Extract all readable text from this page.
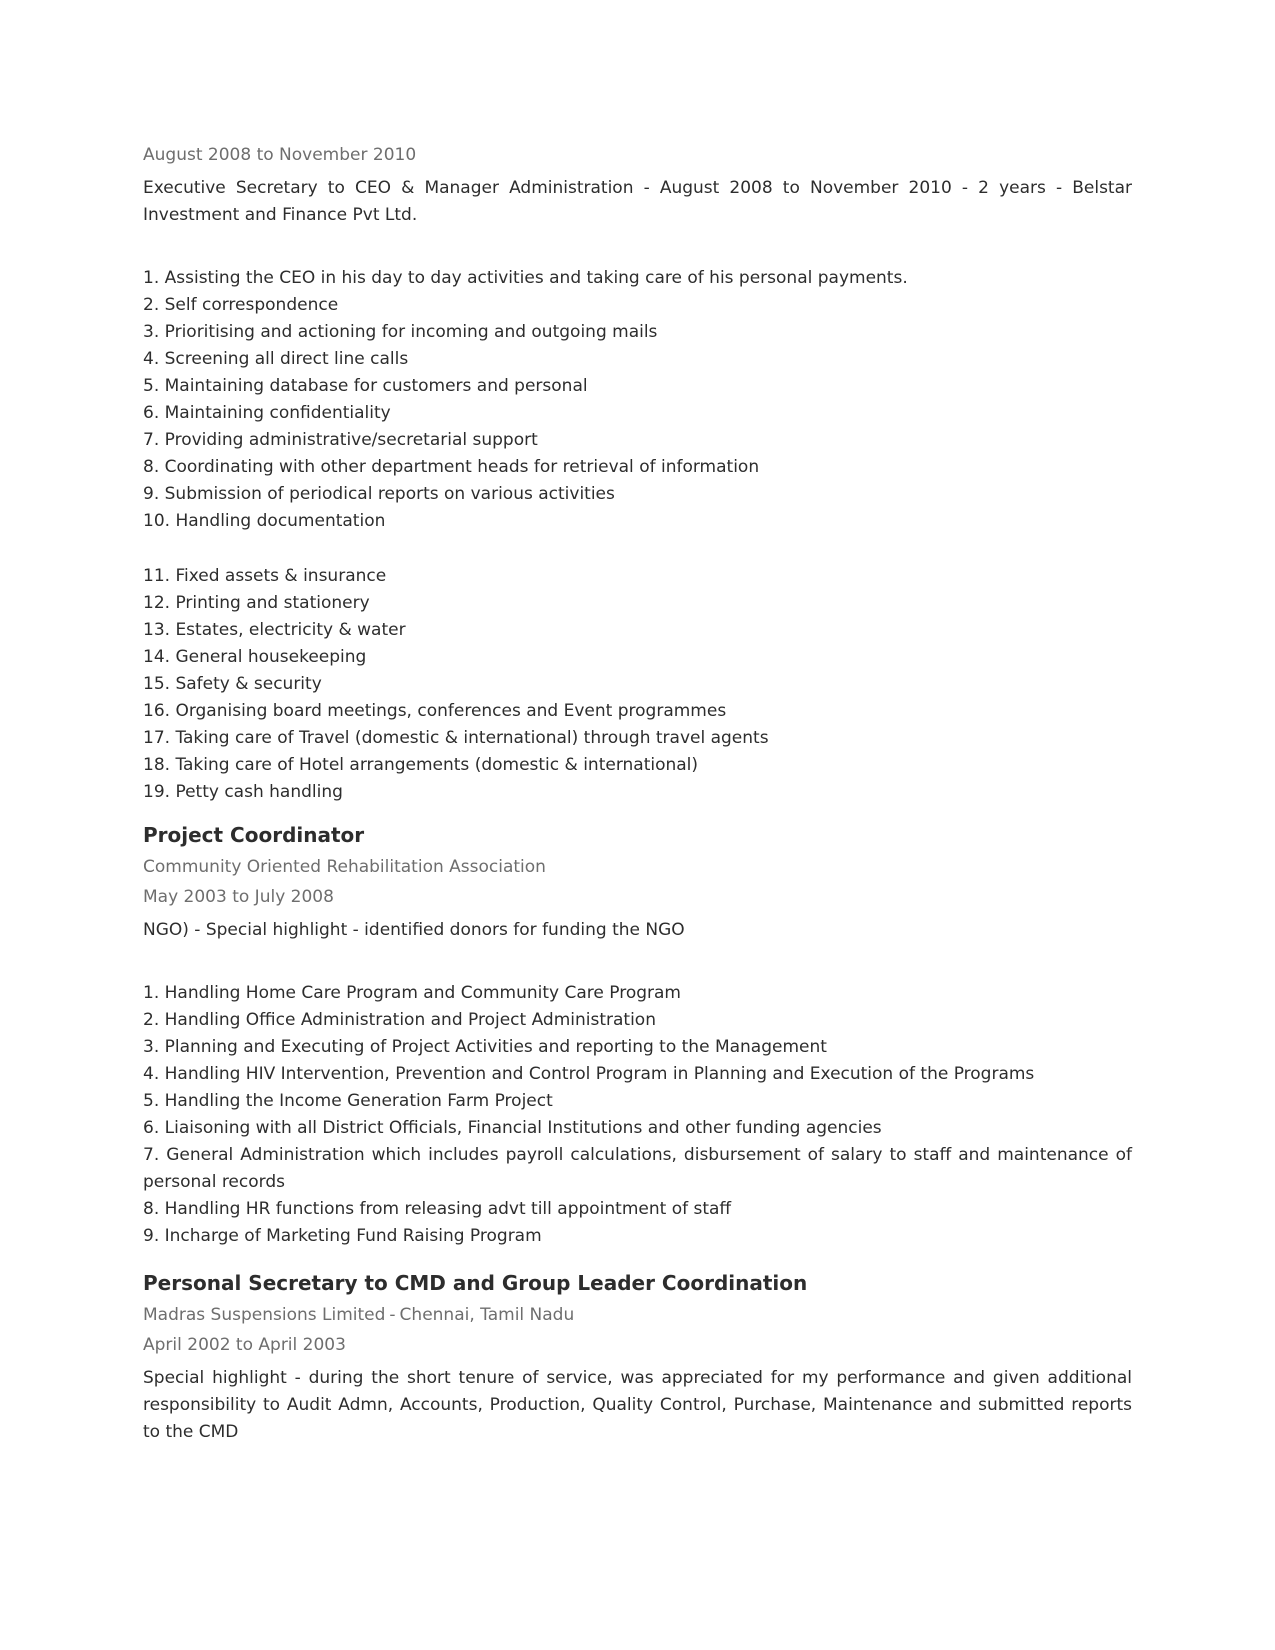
August 2008 to November 2010

Executive Secretary to CEO & Manager Administration - August 2008 to November 2010 - 2 years - Belstar Investment and Finance Pvt Ltd.

1. Assisting the CEO in his day to day activities and taking care of his personal payments.

2. Self correspondence

3. Prioritising and actioning for incoming and outgoing mails

4. Screening all direct line calls

5. Maintaining database for customers and personal

6. Maintaining confidentiality

7. Providing administrative/secretarial support

8. Coordinating with other department heads for retrieval of information

9. Submission of periodical reports on various activities

10. Handling documentation

11. Fixed assets & insurance

12. Printing and stationery

13. Estates, electricity & water

14. General housekeeping

15. Safety & security

16. Organising board meetings, conferences and Event programmes

17. Taking care of Travel (domestic & international) through travel agents

18. Taking care of Hotel arrangements (domestic & international)

19. Petty cash handling

Project Coordinator

Community Oriented Rehabilitation Association

May 2003 to July 2008

NGO) - Special highlight - identified donors for funding the NGO

1. Handling Home Care Program and Community Care Program

2. Handling Office Administration and Project Administration

3. Planning and Executing of Project Activities and reporting to the Management

4. Handling HIV Intervention, Prevention and Control Program in Planning and Execution of the Programs

5. Handling the Income Generation Farm Project

6. Liaisoning with all District Officials, Financial Institutions and other funding agencies

7. General Administration which includes payroll calculations, disbursement of salary to staff and maintenance of personal records

8. Handling HR functions from releasing advt till appointment of staff

9. Incharge of Marketing Fund Raising Program

Personal Secretary to CMD and Group Leader Coordination

Madras Suspensions Limited - Chennai, Tamil Nadu

April 2002 to April 2003

Special highlight - during the short tenure of service, was appreciated for my performance and given additional responsibility to Audit Admn, Accounts, Production, Quality Control, Purchase, Maintenance and submitted reports to the CMD
